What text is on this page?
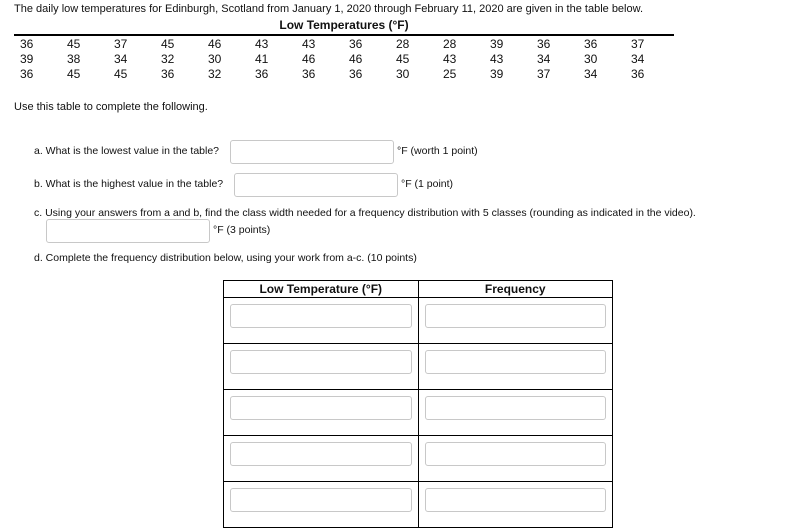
The daily low temperatures for Edinburgh, Scotland from January 1, 2020 through February 11, 2020 are given in the table below.
Low Temperatures (°F)
36	45	37	45	46	43	43	36	28	28	39	36	36	37
39	38	34	32	30	41	46	46	45	43	43	34	30	34
36	45	45	36	32	36	36	36	30	25	39	37	34	36
Use this table to complete the following.
a. What is the lowest value in the table?	°F (worth 1 point)
b. What is the highest value in the table?	°F (1 point)
c. Using your answers from a and b, find the class width needed for a frequency distribution with 5 classes (rounding as indicated in the video).
°F (3 points)
d. Complete the frequency distribution below, using your work from a-c. (10 points)
Low Temperature (°F)	Frequency
